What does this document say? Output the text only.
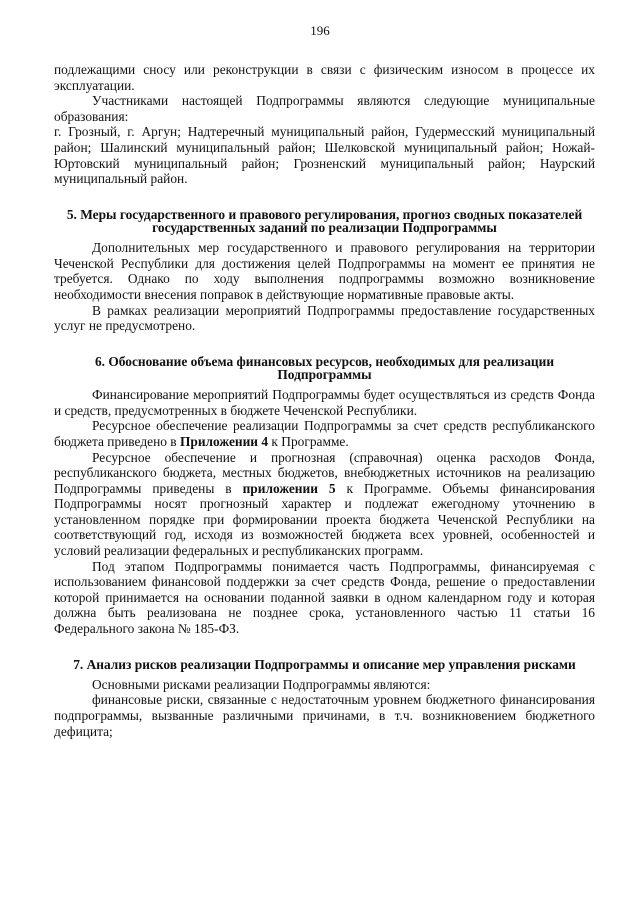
196

подлежащими сносу или реконструкции в связи с физическим износом в процессе их эксплуатации.

Участниками настоящей Подпрограммы являются следующие муниципальные образования:

г. Грозный, г. Аргун; Надтеречный муниципальный район, Гудермесский муниципальный район; Шалинский муниципальный район; Шелковской муниципальный район; Ножай-Юртовский муниципальный район; Грозненский муниципальный район; Наурский муниципальный район.

5. Меры государственного и правового регулирования, прогноз сводных показателей государственных заданий по реализации Подпрограммы

Дополнительных мер государственного и правового регулирования на территории Чеченской Республики для достижения целей Подпрограммы на момент ее принятия не требуется. Однако по ходу выполнения подпрограммы возможно возникновение необходимости внесения поправок в действующие нормативные правовые акты.

В рамках реализации мероприятий Подпрограммы предоставление государственных услуг не предусмотрено.

6. Обоснование объема финансовых ресурсов, необходимых для реализации Подпрограммы

Финансирование мероприятий Подпрограммы будет осуществляться из средств Фонда и средств, предусмотренных в бюджете Чеченской Республики.

Ресурсное обеспечение реализации Подпрограммы за счет средств республиканского бюджета приведено в Приложении 4 к Программе.

Ресурсное обеспечение и прогнозная (справочная) оценка расходов Фонда, республиканского бюджета, местных бюджетов, внебюджетных источников на реализацию Подпрограммы приведены в приложении 5 к Программе. Объемы финансирования Подпрограммы носят прогнозный характер и подлежат ежегодному уточнению в установленном порядке при формировании проекта бюджета Чеченской Республики на соответствующий год, исходя из возможностей бюджета всех уровней, особенностей и условий реализации федеральных и республиканских программ.

Под этапом Подпрограммы понимается часть Подпрограммы, финансируемая с использованием финансовой поддержки за счет средств Фонда, решение о предоставлении которой принимается на основании поданной заявки в одном календарном году и которая должна быть реализована не позднее срока, установленного частью 11 статьи 16 Федерального закона № 185-ФЗ.

7. Анализ рисков реализации Подпрограммы и описание мер управления рисками

Основными рисками реализации Подпрограммы являются:

финансовые риски, связанные с недостаточным уровнем бюджетного финансирования подпрограммы, вызванные различными причинами, в т.ч. возникновением бюджетного дефицита;
